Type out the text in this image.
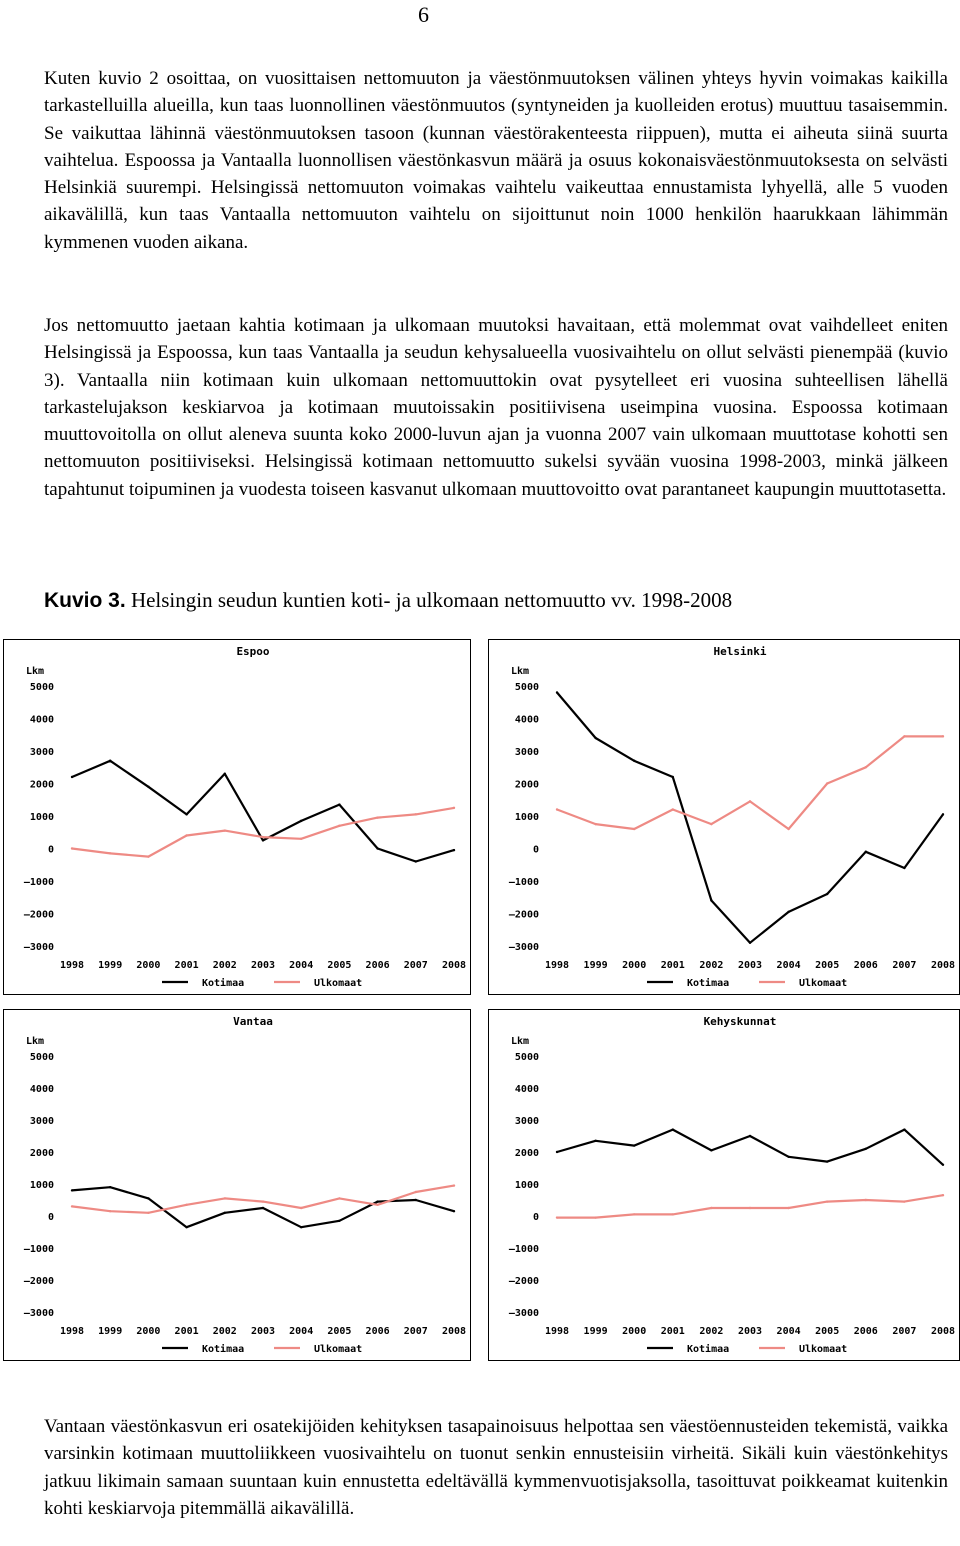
6

Kuten kuvio 2 osoittaa, on vuosittaisen nettomuuton ja väestönmuutoksen välinen yhteys hyvin voimakas kaikilla tarkastelluilla alueilla, kun taas luonnollinen väestönmuutos (syntyneiden ja kuolleiden erotus) muuttuu tasaisemmin. Se vaikuttaa lähinnä väestönmuutoksen tasoon (kunnan väestörakenteesta riippuen), mutta ei aiheuta siinä suurta vaihtelua. Espoossa ja Vantaalla luonnollisen väestönkasvun määrä ja osuus kokonaisväestönmuutoksesta on selvästi Helsinkiä suurempi. Helsingissä nettomuuton voimakas vaihtelu vaikeuttaa ennustamista lyhyellä, alle 5 vuoden aikavälillä, kun taas Vantaalla nettomuuton vaihtelu on sijoittunut noin 1000 henkilön haarukkaan lähimmän kymmenen vuoden aikana.

Jos nettomuutto jaetaan kahtia kotimaan ja ulkomaan muutoksi havaitaan, että molemmat ovat vaihdelleet eniten Helsingissä ja Espoossa, kun taas Vantaalla ja seudun kehysalueella vuosivaihtelu on ollut selvästi pienempää (kuvio 3). Vantaalla niin kotimaan kuin ulkomaan nettomuuttokin ovat pysytelleet eri vuosina suhteellisen lähellä tarkastelujakson keskiarvoa ja kotimaan muutoissakin positiivisena useimpina vuosina. Espoossa kotimaan muuttovoitolla on ollut aleneva suunta koko 2000-luvun ajan ja vuonna 2007 vain ulkomaan muuttotase kohotti sen nettomuuton positiiviseksi. Helsingissä kotimaan nettomuutto sukelsi syvään vuosina 1998-2003, minkä jälkeen tapahtunut toipuminen ja vuodesta toiseen kasvanut ulkomaan muuttovoitto ovat parantaneet kaupungin muuttotasetta.

Kuvio 3. Helsingin seudun kuntien koti- ja ulkomaan nettomuutto vv. 1998-2008

Espoo
Lkm
5000
4000
3000
2000
1000
0
–1000
–2000
–3000
1998 1999 2000 2001 2002 2003 2004 2005 2006 2007 2008
Kotimaa	Ulkomaat
Helsinki
Lkm
5000
4000
3000
2000
1000
0
–1000
–2000
–3000
1998 1999 2000 2001 2002 2003 2004 2005 2006 2007 2008
Kotimaa	Ulkomaat
Vantaa
Lkm
5000
4000
3000
2000
1000
0
–1000
–2000
–3000
1998 1999 2000 2001 2002 2003 2004 2005 2006 2007 2008
Kotimaa	Ulkomaat
Kehyskunnat
Lkm
5000
4000
3000
2000
1000
0
–1000
–2000
–3000
1998 1999 2000 2001 2002 2003 2004 2005 2006 2007 2008
Kotimaa	Ulkomaat

Vantaan väestönkasvun eri osatekijöiden kehityksen tasapainoisuus helpottaa sen väestöennusteiden tekemistä, vaikka varsinkin kotimaan muuttoliikkeen vuosivaihtelu on tuonut senkin ennusteisiin virheitä. Sikäli kuin väestönkehitys jatkuu likimain samaan suuntaan kuin ennustetta edeltävällä kymmenvuotisjaksolla, tasoittuvat poikkeamat kuitenkin kohti keskiarvoja pitemmällä aikavälillä.
